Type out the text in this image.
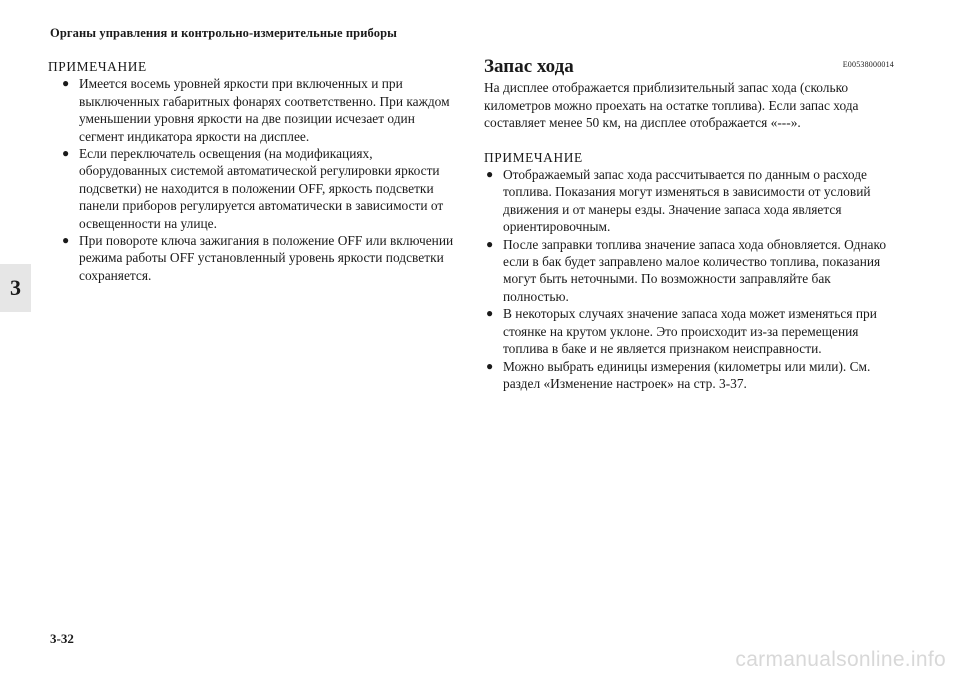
Органы управления и контрольно-измерительные приборы
3

ПРИМЕЧАНИЕ

● Имеется восемь уровней яркости при включенных и при выключенных габаритных фонарях соответственно. При каждом уменьшении уровня яркости на две позиции исчезает один сегмент индикатора яркости на дисплее.
● Если переключатель освещения (на модификациях, оборудованных системой автоматической регулировки яркости подсветки) не находится в положении OFF, яркость подсветки панели приборов регулируется автоматически в зависимости от освещенности на улице.
● При повороте ключа зажигания в положение OFF или включении режима работы OFF установленный уровень яркости подсветки сохраняется.
Запас хода	E00538000014

На дисплее отображается приблизительный запас хода (сколько километров можно проехать на остатке топлива). Если запас хода составляет менее 50 км, на дисплее отображается «---».

ПРИМЕЧАНИЕ

● Отображаемый запас хода рассчитывается по данным о расходе топлива. Показания могут изменяться в зависимости от условий движения и от манеры езды. Значение запаса хода является ориентировочным.
● После заправки топлива значение запаса хода обновляется. Однако если в бак будет заправлено малое количество топлива, показания могут быть неточными. По возможности заправляйте бак полностью.
● В некоторых случаях значение запаса хода может изменяться при стоянке на крутом уклоне. Это происходит из-за перемещения топлива в баке и не является признаком неисправности.
● Можно выбрать единицы измерения (километры или мили). См. раздел «Изменение настроек» на стр. 3-37.
3-32
carmanualsonline.info
